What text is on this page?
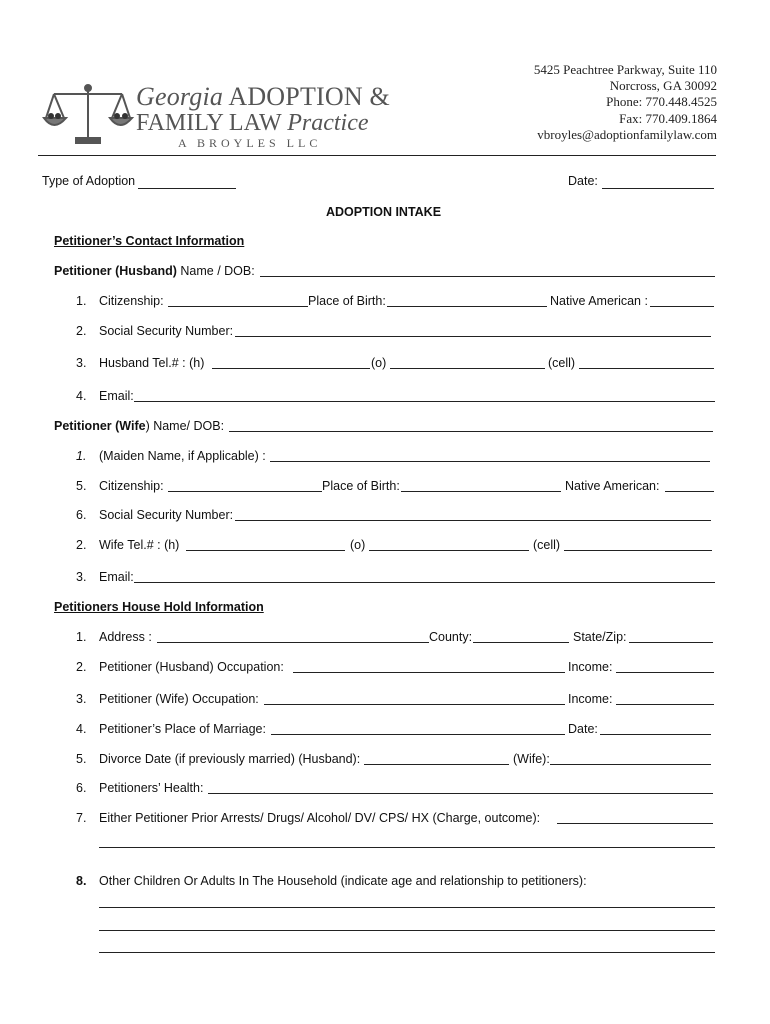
Georgia ADOPTION &
FAMILY LAW Practice
A BROYLES LLC
5425 Peachtree Parkway, Suite 110
Norcross, GA 30092
Phone: 770.448.4525
Fax: 770.409.1864
vbroyles@adoptionfamilylaw.com
Type of Adoption	Date:
ADOPTION INTAKE
Petitioner’s Contact Information
Petitioner (Husband) Name / DOB:
1. Citizenship:	Place of Birth:	Native American :
2. Social Security Number:
3. Husband Tel.# : (h)	(o)	(cell)
4. Email:
Petitioner (Wife) Name/ DOB:
1. (Maiden Name, if Applicable) :
5. Citizenship:	Place of Birth:	Native American:
6. Social Security Number:
2. Wife Tel.# : (h)	(o)	(cell)
3. Email:
Petitioners House Hold Information
1. Address :	County:	State/Zip:
2. Petitioner (Husband) Occupation:	Income:
3. Petitioner (Wife) Occupation:	Income:
4. Petitioner’s Place of Marriage:	Date:
5. Divorce Date (if previously married) (Husband):	(Wife):
6. Petitioners’ Health:
7. Either Petitioner Prior Arrests/ Drugs/ Alcohol/ DV/ CPS/ HX (Charge, outcome):
8. Other Children Or Adults In The Household (indicate age and relationship to petitioners):
